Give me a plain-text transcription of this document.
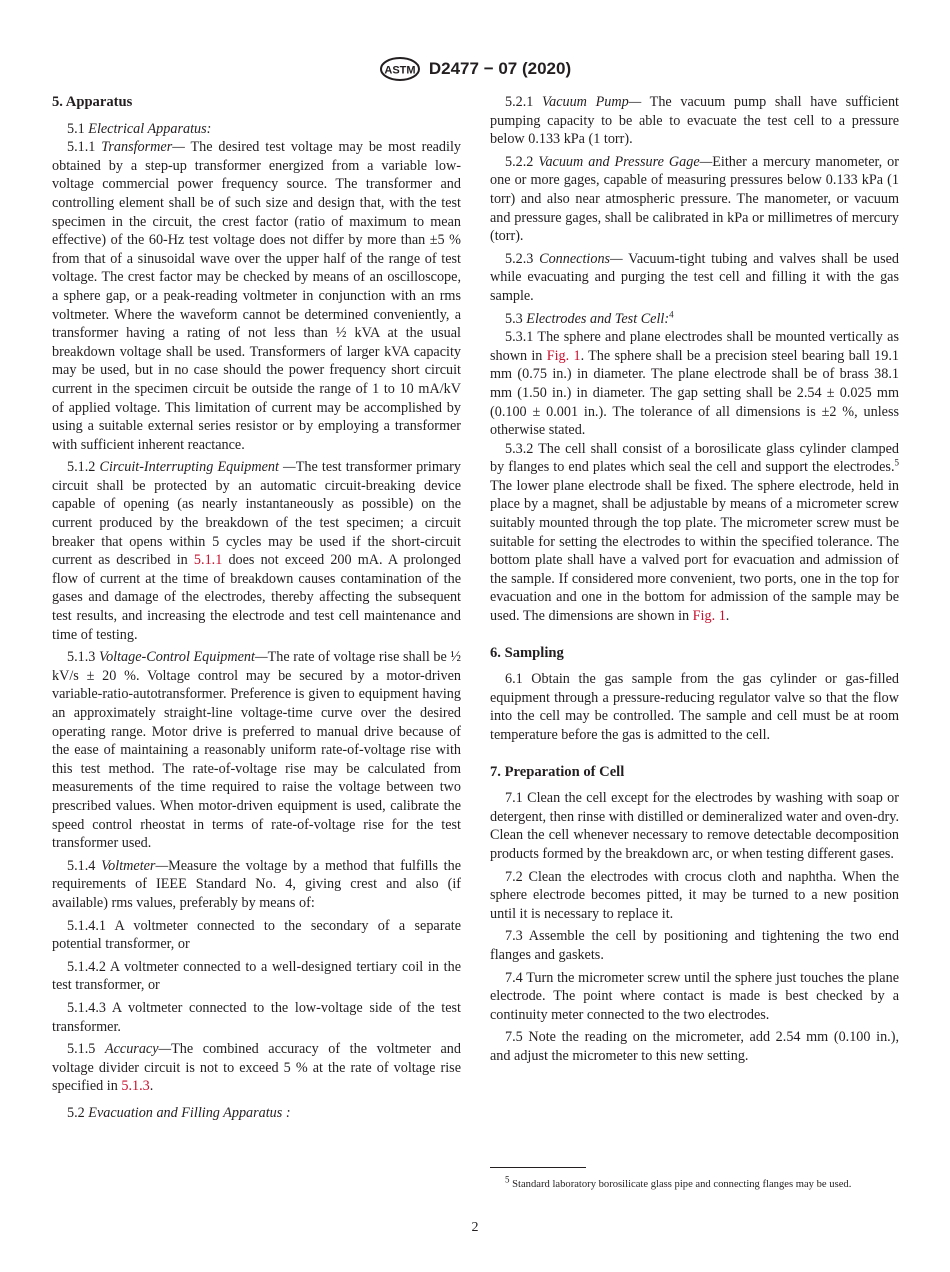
ASTM D2477 − 07 (2020)
5. Apparatus

5.1 Electrical Apparatus:

5.1.1 Transformer— The desired test voltage may be most readily obtained by a step-up transformer energized from a variable low-voltage commercial power frequency source. The transformer and controlling element shall be of such size and design that, with the test specimen in the circuit, the crest factor (ratio of maximum to mean effective) of the 60-Hz test voltage does not differ by more than ±5 % from that of a sinusoidal wave over the upper half of the range of test voltage. The crest factor may be checked by means of an oscilloscope, a sphere gap, or a peak-reading voltmeter in conjunction with an rms voltmeter. Where the waveform cannot be determined conveniently, a transformer having a rating of not less than ½ kVA at the usual breakdown voltage shall be used. Transformers of larger kVA capacity may be used, but in no case should the power frequency short circuit current in the specimen circuit be outside the range of 1 to 10 mA/kV of applied voltage. This limitation of current may be accomplished by using a suitable external series resistor or by employing a transformer with sufficient inherent reactance.

5.1.2 Circuit-Interrupting Equipment —The test transformer primary circuit shall be protected by an automatic circuit-breaking device capable of opening (as nearly instantaneously as possible) on the current produced by the breakdown of the test specimen; a circuit breaker that opens within 5 cycles may be used if the short-circuit current as described in 5.1.1 does not exceed 200 mA. A prolonged flow of current at the time of breakdown causes contamination of the gases and damage of the electrodes, thereby affecting the subsequent test results, and increasing the electrode and test cell maintenance and time of testing.

5.1.3 Voltage-Control Equipment—The rate of voltage rise shall be ½ kV/s ± 20 %. Voltage control may be secured by a motor-driven variable-ratio-autotransformer. Preference is given to equipment having an approximately straight-line voltage-time curve over the desired operating range. Motor drive is preferred to manual drive because of the ease of maintaining a reasonably uniform rate-of-voltage rise with this test method. The rate-of-voltage rise may be calculated from measurements of the time required to raise the voltage between two prescribed values. When motor-driven equipment is used, calibrate the speed control rheostat in terms of rate-of-voltage rise for the test transformer used.

5.1.4 Voltmeter—Measure the voltage by a method that fulfills the requirements of IEEE Standard No. 4, giving crest and also (if available) rms values, preferably by means of:

5.1.4.1 A voltmeter connected to the secondary of a separate potential transformer, or

5.1.4.2 A voltmeter connected to a well-designed tertiary coil in the test transformer, or

5.1.4.3 A voltmeter connected to the low-voltage side of the test transformer.

5.1.5 Accuracy—The combined accuracy of the voltmeter and voltage divider circuit is not to exceed 5 % at the rate of voltage rise specified in 5.1.3.

5.2 Evacuation and Filling Apparatus :

5.2.1 Vacuum Pump— The vacuum pump shall have sufficient pumping capacity to be able to evacuate the test cell to a pressure below 0.133 kPa (1 torr).

5.2.2 Vacuum and Pressure Gage—Either a mercury manometer, or one or more gages, capable of measuring pressures below 0.133 kPa (1 torr) and also near atmospheric pressure. The manometer, or vacuum and pressure gages, shall be calibrated in kPa or millimetres of mercury (torr).

5.2.3 Connections— Vacuum-tight tubing and valves shall be used while evacuating and purging the test cell and filling it with the gas sample.

5.3 Electrodes and Test Cell:$^4$

5.3.1 The sphere and plane electrodes shall be mounted vertically as shown in Fig. 1. The sphere shall be a precision steel bearing ball 19.1 mm (0.75 in.) in diameter. The plane electrode shall be of brass 38.1 mm (1.50 in.) in diameter. The gap setting shall be 2.54 ± 0.025 mm (0.100 ± 0.001 in.). The tolerance of all dimensions is ±2 %, unless otherwise stated.

5.3.2 The cell shall consist of a borosilicate glass cylinder clamped by flanges to end plates which seal the cell and support the electrodes.$^5$ The lower plane electrode shall be fixed. The sphere electrode, held in place by a magnet, shall be adjustable by means of a micrometer screw suitably mounted through the top plate. The micrometer screw must be suitable for setting the electrodes to within the specified tolerance. The bottom plate shall have a valved port for evacuation and admission of the sample. If considered more convenient, two ports, one in the top for evacuation and one in the bottom for admission of the sample may be used. The dimensions are shown in Fig. 1.

6. Sampling

6.1 Obtain the gas sample from the gas cylinder or gas-filled equipment through a pressure-reducing regulator valve so that the flow into the cell may be controlled. The sample and cell must be at room temperature before the gas is admitted to the cell.

7. Preparation of Cell

7.1 Clean the cell except for the electrodes by washing with soap or detergent, then rinse with distilled or demineralized water and oven-dry. Clean the cell whenever necessary to remove detectable decomposition products formed by the breakdown arc, or when testing different gases.

7.2 Clean the electrodes with crocus cloth and naphtha. When the sphere electrode becomes pitted, it may be turned to a new position until it is necessary to replace it.

7.3 Assemble the cell by positioning and tightening the two end flanges and gaskets.

7.4 Turn the micrometer screw until the sphere just touches the plane electrode. The point where contact is made is best checked by a continuity meter connected to the two electrodes.

7.5 Note the reading on the micrometer, add 2.54 mm (0.100 in.), and adjust the micrometer to this new setting.

$^5$ Standard laboratory borosilicate glass pipe and connecting flanges may be used.
2
